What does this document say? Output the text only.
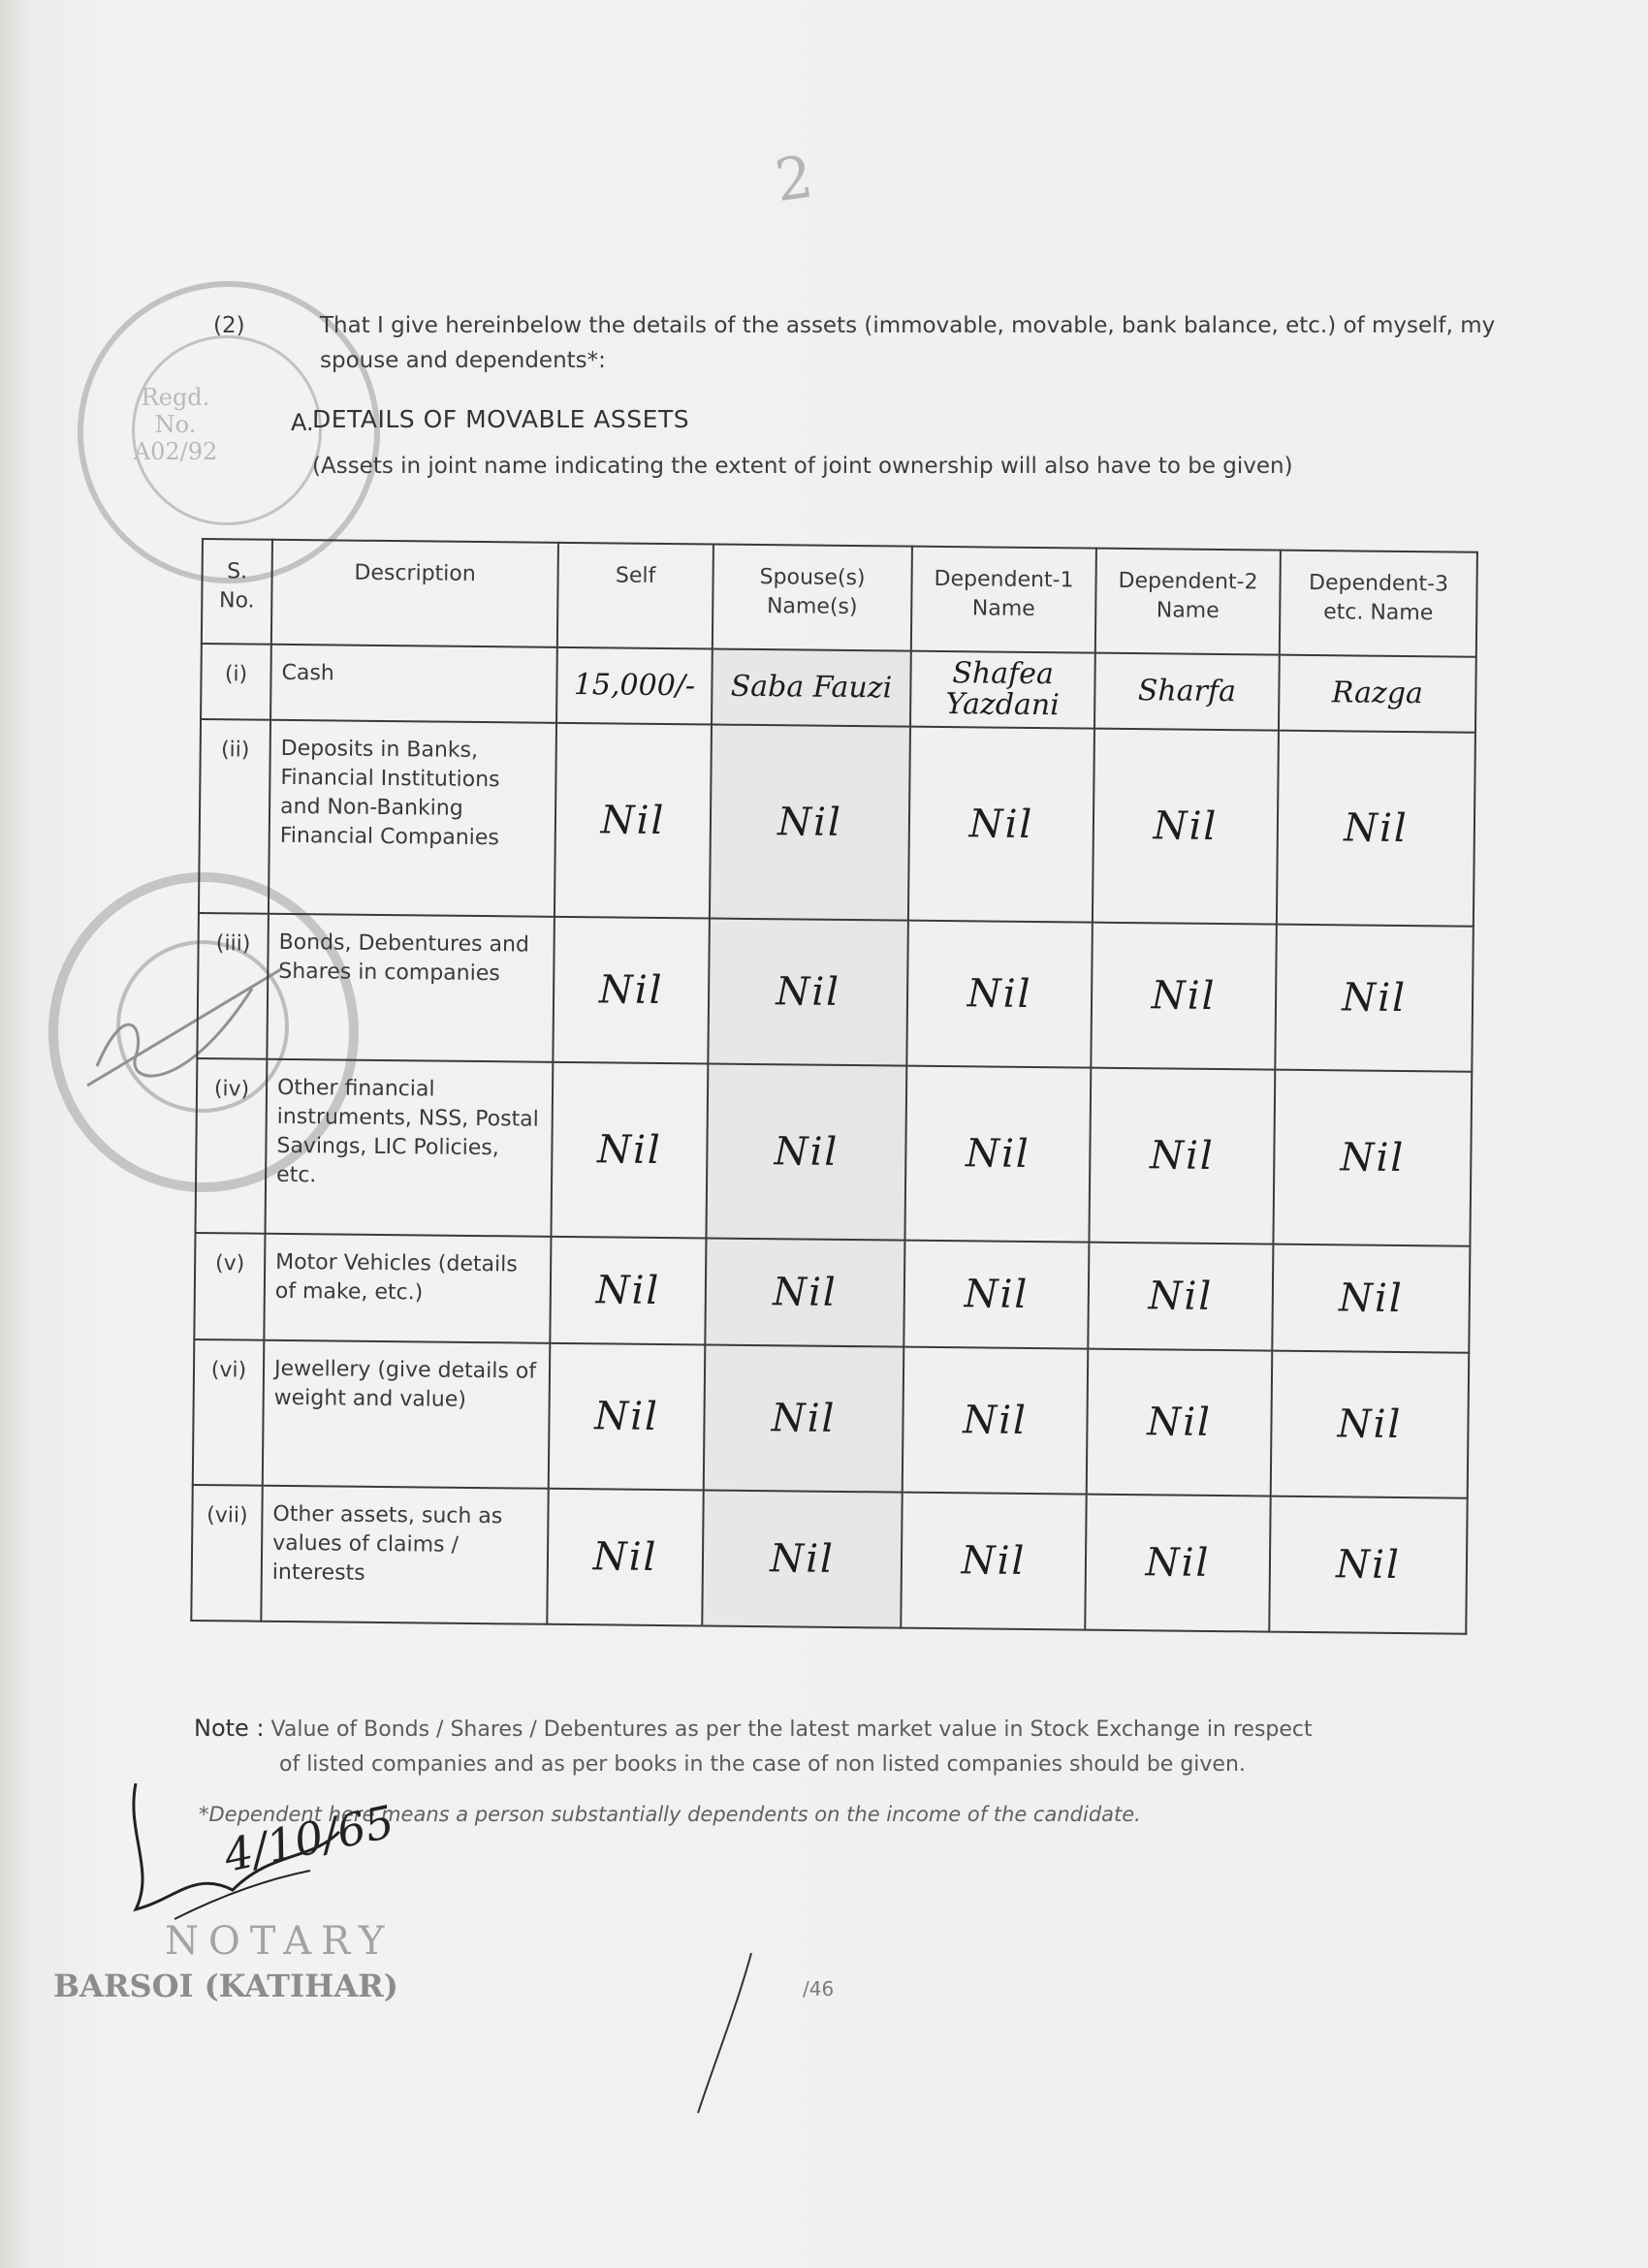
2
Regd. No.
A02/92
(2)	That I give hereinbelow the details of the assets (immovable, movable, bank balance, etc.) of myself, my spouse and dependents*:
A.
DETAILS OF MOVABLE ASSETS
(Assets in joint name indicating the extent of joint ownership will also have to be given)
S. No.	Description	Self	Spouse(s) Name(s)	Dependent-1 Name	Dependent-2 Name	Dependent-3 etc. Name
(i)	Cash	15,000/-	Saba Fauzi	Shafea Yazdani	Sharfa	Razga
(ii)	Deposits in Banks, Financial Institutions and Non-Banking Financial Companies	Nil	Nil	Nil	Nil	Nil
(iii)	Bonds, Debentures and Shares in companies	Nil	Nil	Nil	Nil	Nil
(iv)	Other financial instruments, NSS, Postal Savings, LIC Policies, etc.	Nil	Nil	Nil	Nil	Nil
(v)	Motor Vehicles (details of make, etc.)	Nil	Nil	Nil	Nil	Nil
(vi)	Jewellery (give details of weight and value)	Nil	Nil	Nil	Nil	Nil
(vii)	Other assets, such as values of claims / interests	Nil	Nil	Nil	Nil	Nil
Note : Value of Bonds / Shares / Debentures as per the latest market value in Stock Exchange in respect
of listed companies and as per books in the case of non listed companies should be given.
*Dependent here means a person substantially dependents on the income of the candidate.
4/10/65
NOTARY
BARSOI (KATIHAR)	/46
